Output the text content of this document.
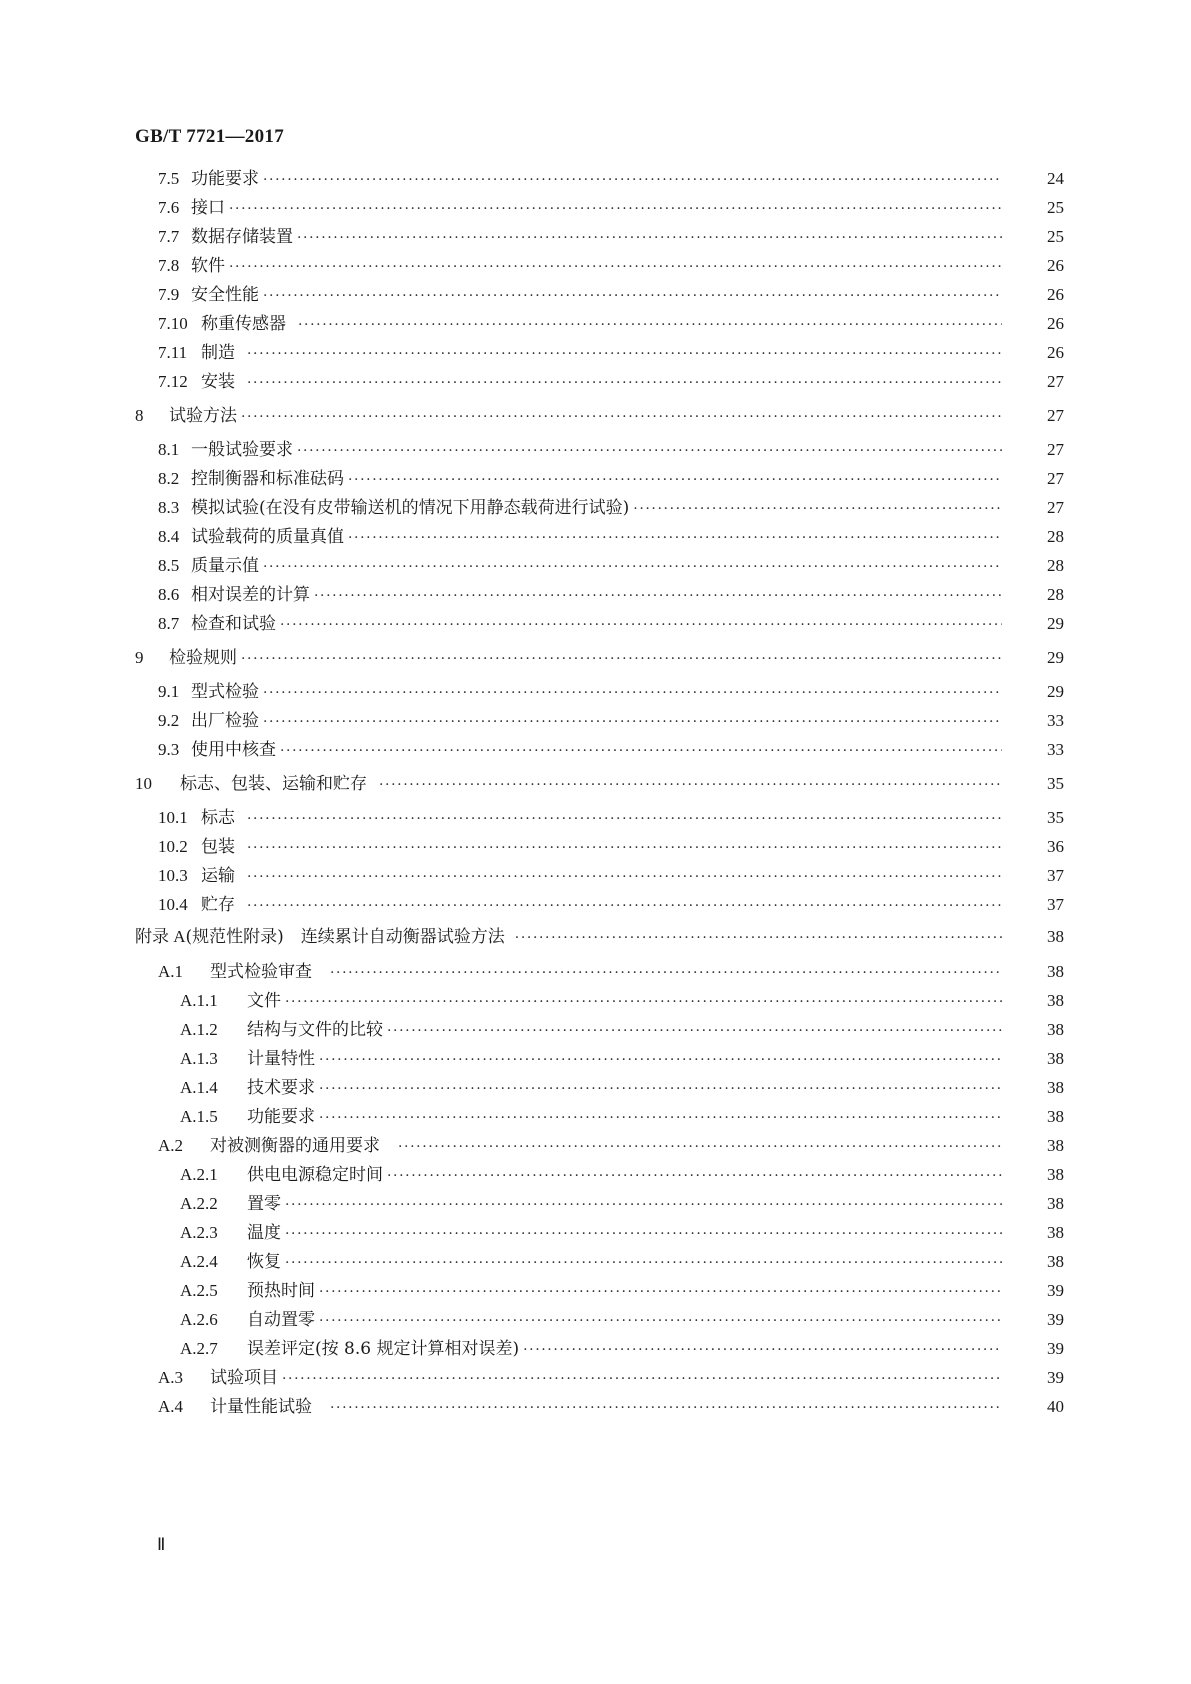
GB/T 7721—2017
7.5 功能要求 ·····	24
7.6 接口 ·····	25
7.7 数据存储装置 ·····	25
7.8 软件 ·····	26
7.9 安全性能 ·····	26
7.10 称重传感器 ·····	26
7.11 制造 ·····	26
7.12 安装 ·····	27
8	试验方法 ·····	27
8.1 一般试验要求 ·····	27
8.2 控制衡器和标准砝码 ·····	27
8.3 模拟试验(在没有皮带输送机的情况下用静态载荷进行试验) ·····	27
8.4 试验载荷的质量真值 ·····	28
8.5 质量示值 ·····	28
8.6 相对误差的计算 ·····	28
8.7 检查和试验 ·····	29
9	检验规则 ·····	29
9.1 型式检验 ·····	29
9.2 出厂检验 ·····	33
9.3 使用中核查 ·····	33
10	标志、包装、运输和贮存 ·····	35
10.1 标志 ·····	35
10.2 包装 ·····	36
10.3 运输 ·····	37
10.4 贮存 ·····	37
附录 A (规范性附录)　连续累计自动衡器试验方法 ·····	38
A.1	型式检验审查 ·····	38
A.1.1	文件 ·····	38
A.1.2	结构与文件的比较 ·····	38
A.1.3	计量特性 ·····	38
A.1.4	技术要求 ·····	38
A.1.5	功能要求 ·····	38
A.2	对被测衡器的通用要求 ·····	38
A.2.1	供电电源稳定时间 ·····	38
A.2.2	置零 ·····	38
A.2.3	温度 ·····	38
A.2.4	恢复 ·····	38
A.2.5	预热时间 ·····	39
A.2.6	自动置零 ·····	39
A.2.7	误差评定(按 8.6 规定计算相对误差) ·····	39
A.3	试验项目 ·····	39
A.4	计量性能试验 ·····	40
Ⅱ
